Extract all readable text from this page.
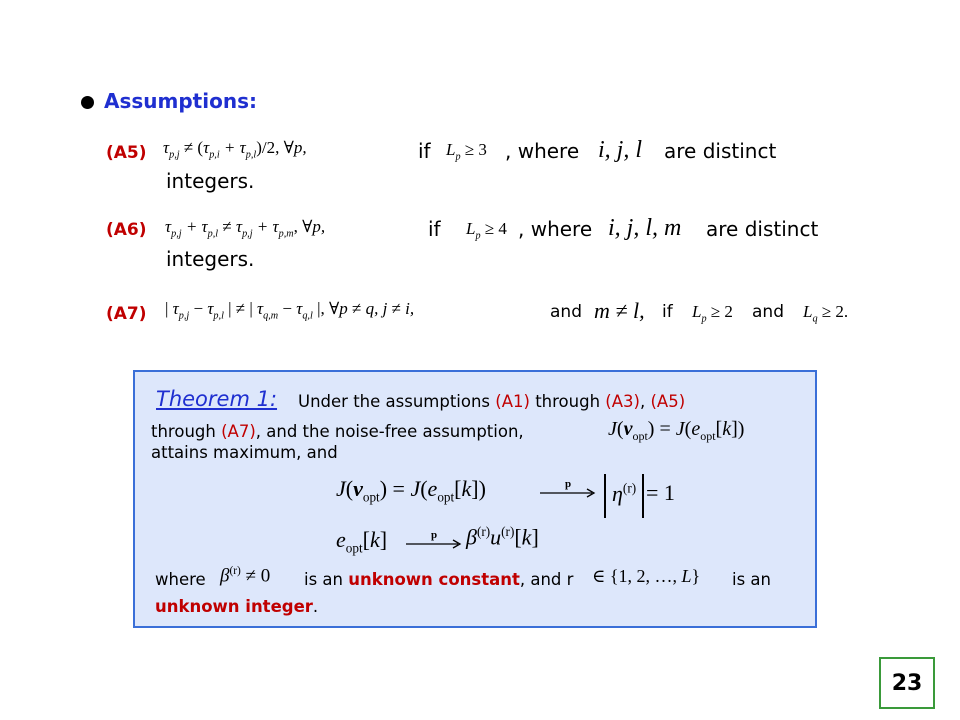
Assumptions:
(A5) $\tau_{p,j} \ne (\tau_{p,i} + \tau_{p,l})/2$, ∀p,	if $L_p \ge 3$ , where i, j, l are distinct
integers.
(A6) $\tau_{p,j} + \tau_{p,l} \ne \tau_{p,j} + \tau_{p,m}$, ∀p,	if $L_p \ge 4$ , where i, j, l, m are distinct
integers.
(A7) | $\tau_{p,j} - \tau_{p,l}$ | ≠ | $\tau_{q,m} - \tau_{q,l}$ |, ∀p ≠ q, j ≠ i,	and m ≠ l, if $L_p \ge 2$ and $L_q \ge 2$.
Theorem 1: Under the assumptions (A1) through (A3), (A5)
through (A7), and the noise-free assumption,	$J(v_{opt}) = J(e_{opt}[k])$
attains maximum, and
$J(v_{opt}) = J(e_{opt}[k])$	p	$\eta^{(r)} = 1$
$e_{opt}[k]$	p $\beta^{(r)}u^{(r)}[k]$
where $\beta^{(r)} \ne 0$ is an unknown constant, and r ∈ {1, 2, …, L} is an
unknown integer.
23
